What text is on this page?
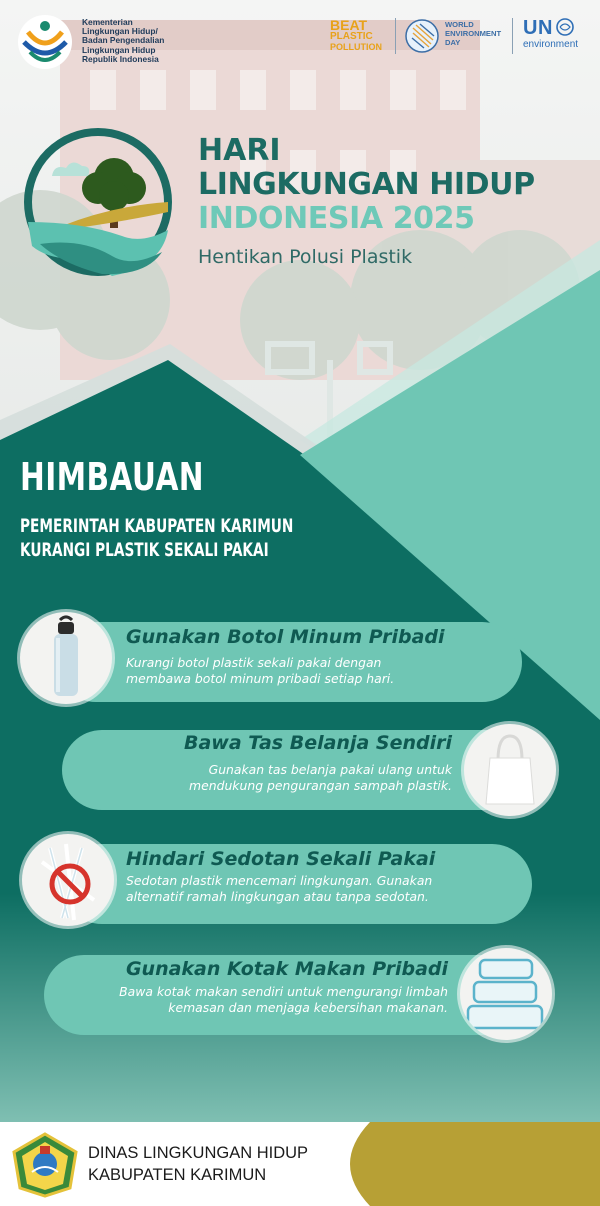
Kementerian
Lingkungan Hidup/
Badan Pengendalian
Lingkungan Hidup
Republik Indonesia
BEAT
PLASTIC
POLLUTION
WORLD
ENVIRONMENT
DAY
UN
environment
HARI
LINGKUNGAN HIDUP
INDONESIA 2025
Hentikan Polusi Plastik
HIMBAUAN
PEMERINTAH KABUPATEN KARIMUN
KURANGI PLASTIK SEKALI PAKAI
Gunakan Botol Minum Pribadi
Kurangi botol plastik sekali pakai dengan
membawa botol minum pribadi setiap hari.
Bawa Tas Belanja Sendiri
Gunakan tas belanja pakai ulang untuk
mendukung pengurangan sampah plastik.
Hindari Sedotan Sekali Pakai
Sedotan plastik mencemari lingkungan. Gunakan
alternatif ramah lingkungan atau tanpa sedotan.
Gunakan Kotak Makan Pribadi
Bawa kotak makan sendiri untuk mengurangi limbah
kemasan dan menjaga kebersihan makanan.
DINAS LINGKUNGAN HIDUP
KABUPATEN KARIMUN
